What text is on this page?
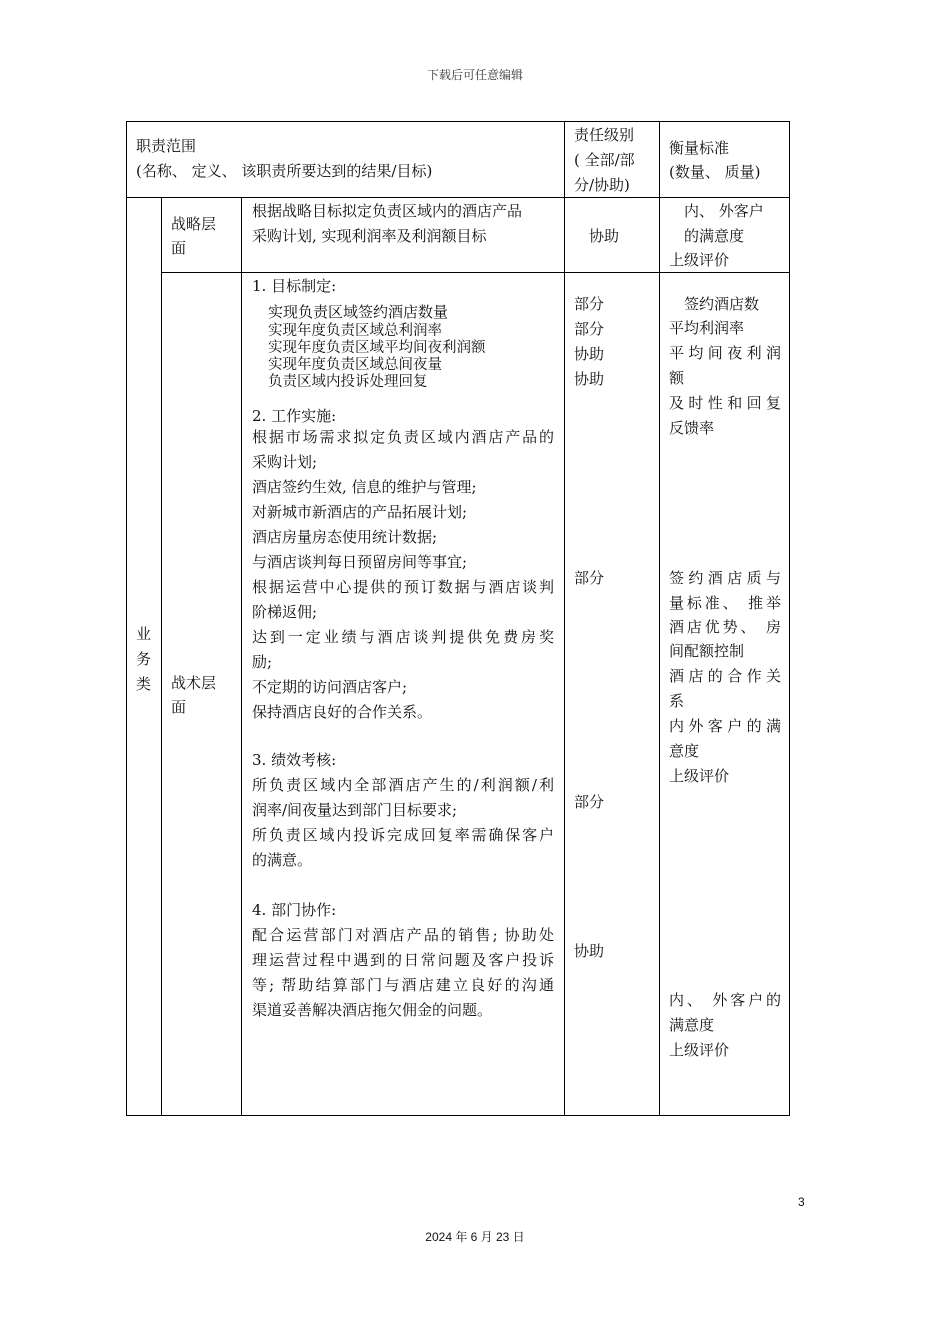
下载后可任意编辑
职责范围
(名称、 定义、 该职责所要达到的结果/目标)
责任级别
( 全部/部
分/协助)
衡量标准
(数量、 质量)
业
务
类
战略层
面
根据战略目标拟定负责区域内的酒店产品
采购计划, 实现利润率及利润额目标	协助
内、 外客户
的满意度
上级评价
战术层
面
1. 目标制定:
实现负责区域签约酒店数量
实现年度负责区域总利润率
实现年度负责区域平均间夜利润额
实现年度负责区域总间夜量
负责区域内投诉处理回复
2. 工作实施:
根据市场需求拟定负责区域内酒店产品的
采购计划;
酒店签约生效, 信息的维护与管理;
对新城市新酒店的产品拓展计划;
酒店房量房态使用统计数据;
与酒店谈判每日预留房间等事宜;
根据运营中心提供的预订数据与酒店谈判
阶梯返佣;
达到一定业绩与酒店谈判提供免费房奖
励;
不定期的访问酒店客户;
保持酒店良好的合作关系。
3. 绩效考核:
所负责区域内全部酒店产生的/利润额/利
润率/间夜量达到部门目标要求;
所负责区域内投诉完成回复率需确保客户
的满意。
4. 部门协作:
配合运营部门对酒店产品的销售; 协助处
理运营过程中遇到的日常问题及客户投诉
等; 帮助结算部门与酒店建立良好的沟通
渠道妥善解决酒店拖欠佣金的问题。
部分
部分
协助
协助
部分
部分
协助
签约酒店数
平均利润率
平均间夜利润
额
及时性和回复
反馈率
签约酒店质与
量标准、 推举
酒店优势、 房
间配额控制
酒店的合作关
系
内外客户的满
意度
上级评价
内、 外客户的
满意度
上级评价
3
2024 年 6 月 23 日
